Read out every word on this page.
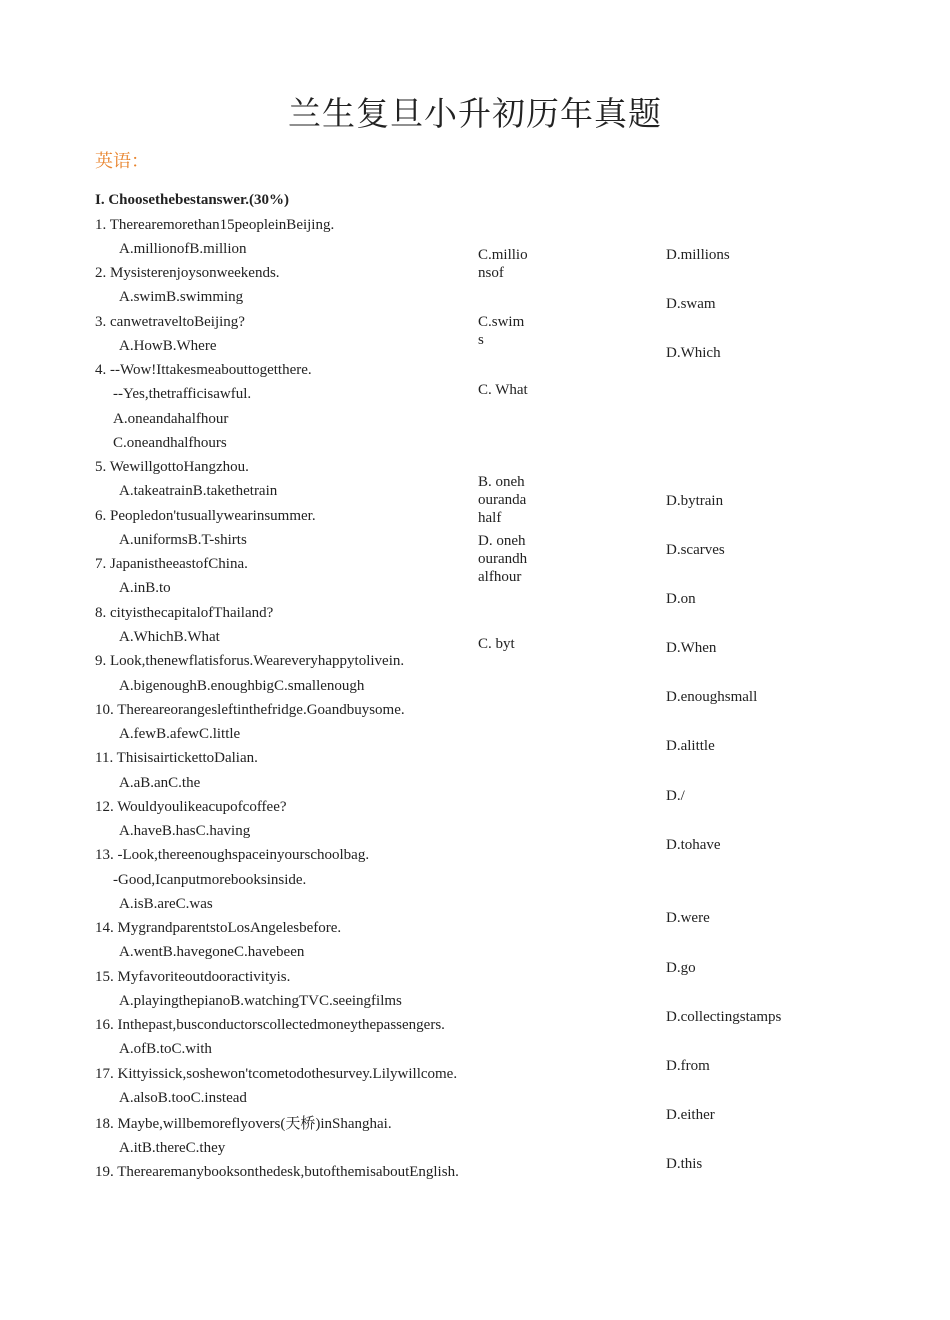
兰生复旦小升初历年真题
英语：
I. Choosethebestanswer.(30%)
1. Therearemorethan15peopleinBeijing.
A.millionofB.million
2. Mysisterenjoysonweekends.
A.swimB.swimming
3. canwetraveltoBeijing?
A.HowB.Where
4. --Wow!Ittakesmeabouttogetthere.
--Yes,thetrafficisawful.
A.oneandahalfhour
C.oneandhalfhours
5. WewillgottoHangzhou.
A.takeatrainB.takethetrain
6. Peopledon'tusuallywearinsummer.
A.uniformsB.T-shirts
7. JapanistheeastofChina.
A.inB.to
8. cityisthecapitalofThailand?
A.WhichB.What
9. Look,thenewflatisforus.Weareveryhappytolivein.
A.bigenoughB.enoughbigC.smallenough
10. Thereareorangesleftinthefridge.Goandbuysome.
A.fewB.afewC.little
11. ThisisairtickettoDalian.
A.aB.anC.the
12. Wouldyoulikeacupofcoffee?
A.haveB.hasC.having
13. -Look,thereenoughspaceinyourschoolbag.
-Good,Icanputmorebooksinside.
A.isB.areC.was
14. MygrandparentstoLosAngelesbefore.
A.wentB.havegoneC.havebeen
15. Myfavoriteoutdooractivityis.
A.playingthepianoB.watchingTVC.seeingfilms
16. Inthepast,busconductorscollectedmoneythepassengers.
A.ofB.toC.with
17. Kittyissick,soshewon'tcometodothesurvey.Lilywillcome.
A.alsoB.tooC.instead
18. Maybe,willbemoreflyovers(天桥)inShanghai.
A.itB.thereC.they
19. Therearemanybooksonthedesk,butofthemisaboutEnglish.
C.millionsof
C.swims
C. What
B. onehourandahalf
D. onehourandhalfhour
C. byt
D.millions
D.swam
D.Which
D.bytrain
D.scarves
D.on
D.When
D.enoughsmall
D.alittle
D./
D.tohave
D.were
D.go
D.collectingstamps
D.from
D.either
D.this
